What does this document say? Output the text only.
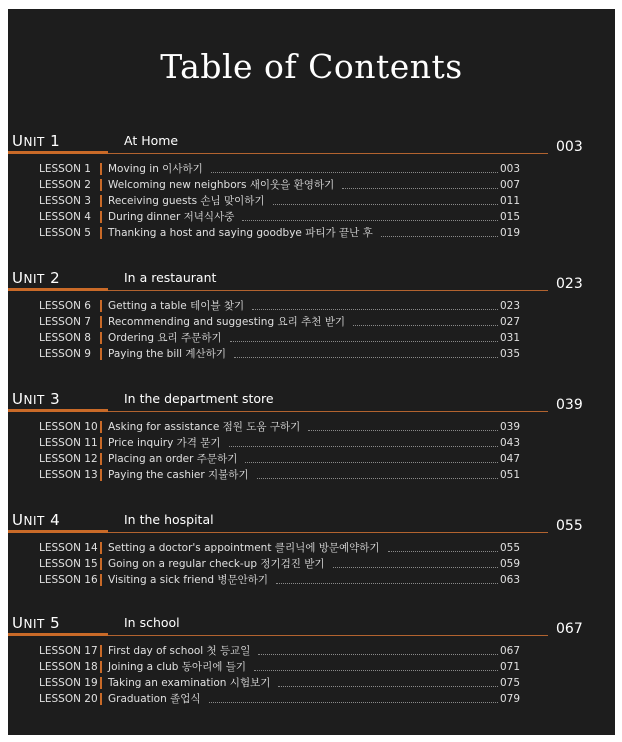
Table of Contents
UNIT 1	At Home	003
LESSON 1 Moving in 이사하기	003
LESSON 2 Welcoming new neighbors 새이웃을 환영하기	007
LESSON 3 Receiving guests 손님 맞이하기	011
LESSON 4 During dinner 저녁식사중	015
LESSON 5 Thanking a host and saying goodbye 파티가 끝난 후	019
UNIT 2	In a restaurant	023
LESSON 6 Getting a table 테이블 찾기	023
LESSON 7 Recommending and suggesting 요리 추천 받기	027
LESSON 8 Ordering 요리 주문하기	031
LESSON 9 Paying the bill 계산하기	035
UNIT 3	In the department store	039
LESSON 10 Asking for assistance 점원 도움 구하기	039
LESSON 11 Price inquiry 가격 묻기	043
LESSON 12 Placing an order 주문하기	047
LESSON 13 Paying the cashier 지불하기	051
UNIT 4	In the hospital	055
LESSON 14 Setting a doctor's appointment 클리닉에 방문예약하기	055
LESSON 15 Going on a regular check-up 정기검진 받기	059
LESSON 16 Visiting a sick friend 병문안하기	063
UNIT 5	In school	067
LESSON 17 First day of school 첫 등교일	067
LESSON 18 Joining a club 동아리에 들기	071
LESSON 19 Taking an examination 시험보기	075
LESSON 20 Graduation 졸업식	079
